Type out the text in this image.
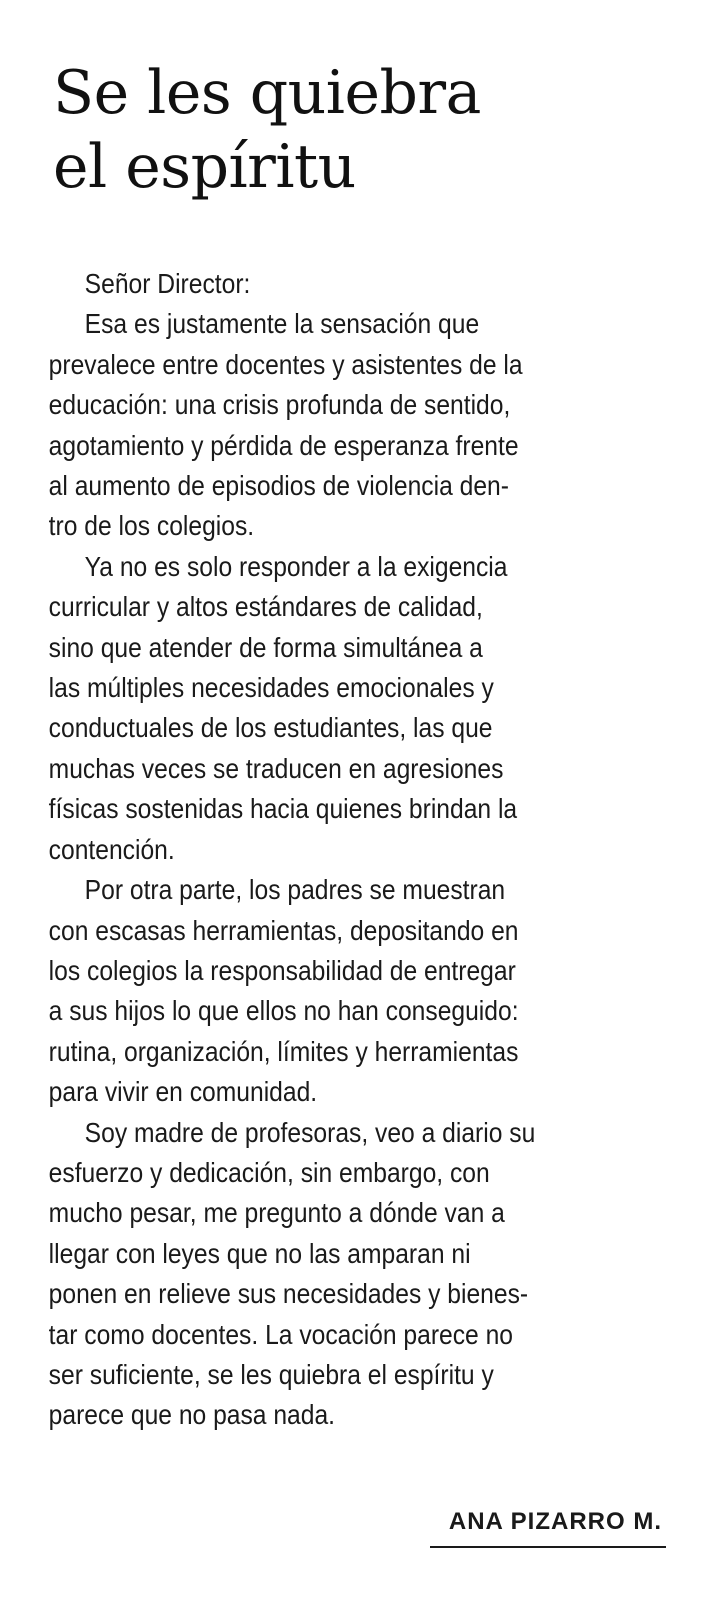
Se les quiebra
el espíritu

Señor Director:

Esa es justamente la sensación que
prevalece entre docentes y asistentes de la
educación: una crisis profunda de sentido,
agotamiento y pérdida de esperanza frente
al aumento de episodios de violencia den-
tro de los colegios.

Ya no es solo responder a la exigencia
curricular y altos estándares de calidad,
sino que atender de forma simultánea a
las múltiples necesidades emocionales y
conductuales de los estudiantes, las que
muchas veces se traducen en agresiones
físicas sostenidas hacia quienes brindan la
contención.

Por otra parte, los padres se muestran
con escasas herramientas, depositando en
los colegios la responsabilidad de entregar
a sus hijos lo que ellos no han conseguido:
rutina, organización, límites y herramientas
para vivir en comunidad.

Soy madre de profesoras, veo a diario su
esfuerzo y dedicación, sin embargo, con
mucho pesar, me pregunto a dónde van a
llegar con leyes que no las amparan ni
ponen en relieve sus necesidades y bienes-
tar como docentes. La vocación parece no
ser suficiente, se les quiebra el espíritu y
parece que no pasa nada.

ANA PIZARRO M.
